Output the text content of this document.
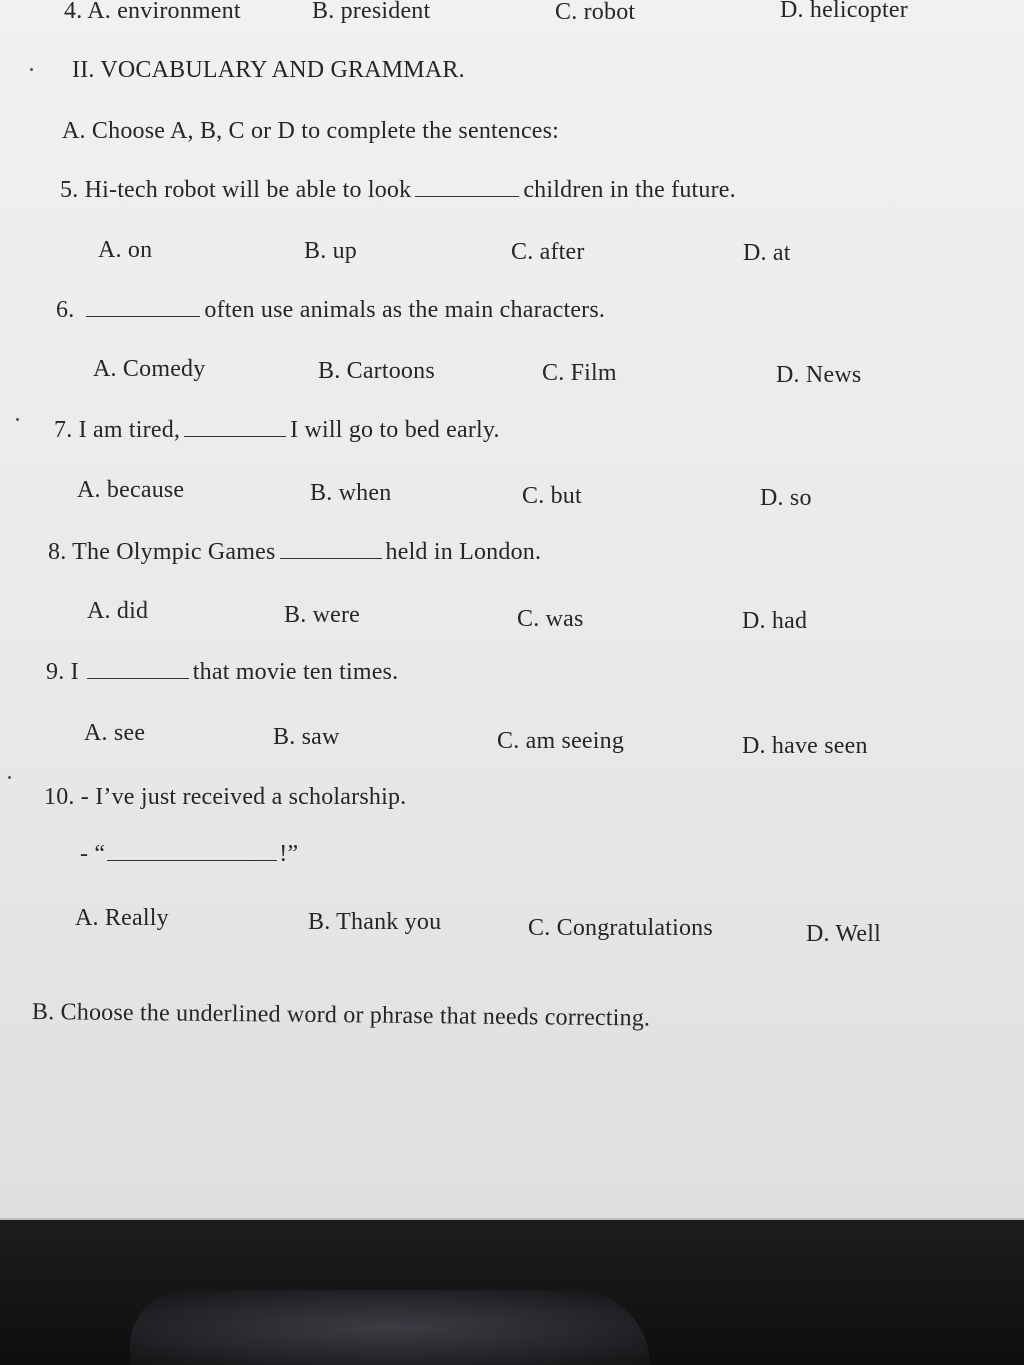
4. A. environment	B. president	C. robot	D. helicopter
II. VOCABULARY AND GRAMMAR.
A. Choose A, B, C or D to complete the sentences:
5. Hi-tech robot will be able to look	children in the future.
A. on	B. up	C. after	D. at
6.	often use animals as the main characters.
A. Comedy	B. Cartoons	C. Film	D. News
7. I am tired,	I will go to bed early.
A. because	B. when	C. but	D. so
8. The Olympic Games	held in London.
A. did	B. were	C. was	D. had
9. I	that movie ten times.
A. see	B. saw	C. am seeing	D. have seen
10. - I’ve just received a scholarship.
- “	!”
A. Really	B. Thank you	C. Congratulations	D. Well
B. Choose the underlined word or phrase that needs correcting.
